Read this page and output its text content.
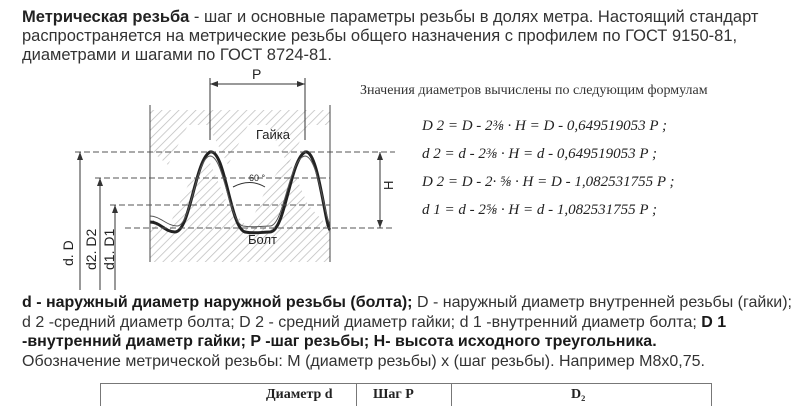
Метрическая резьба - шаг и основные параметры резьбы в долях метра. Настоящий стандарт распространяется на метрические резьбы общего назначения с профилем по ГОСТ 9150-81, диаметрами и шагами по ГОСТ 8724-81.
P
60 °
Гайка
Болт
H
d. D d2. D2 d1. D1
Значения диаметров вычислены по следующим формулам
D 2 = D - 2⅜ · H = D - 0,649519053 P ;
d 2 = d - 2⅜ · H = d - 0,649519053 P ;
D 2 = D - 2· ⅝ · H = D - 1,082531755 P ;
d 1 = d - 2⅝ · H = d - 1,082531755 P ;
d - наружный диаметр наружной резьбы (болта); D - наружный диаметр внутренней резьбы (гайки); d 2 -средний диаметр болта; D 2 - средний диаметр гайки; d 1 -внутренний диаметр болта; D 1 -внутренний диаметр гайки; P -шаг резьбы; H- высота исходного треугольника.
Обозначение метрической резьбы: M (диаметр резьбы) x (шаг резьбы). Например М8х0,75.
Диаметр d	Шаг P	D₂
